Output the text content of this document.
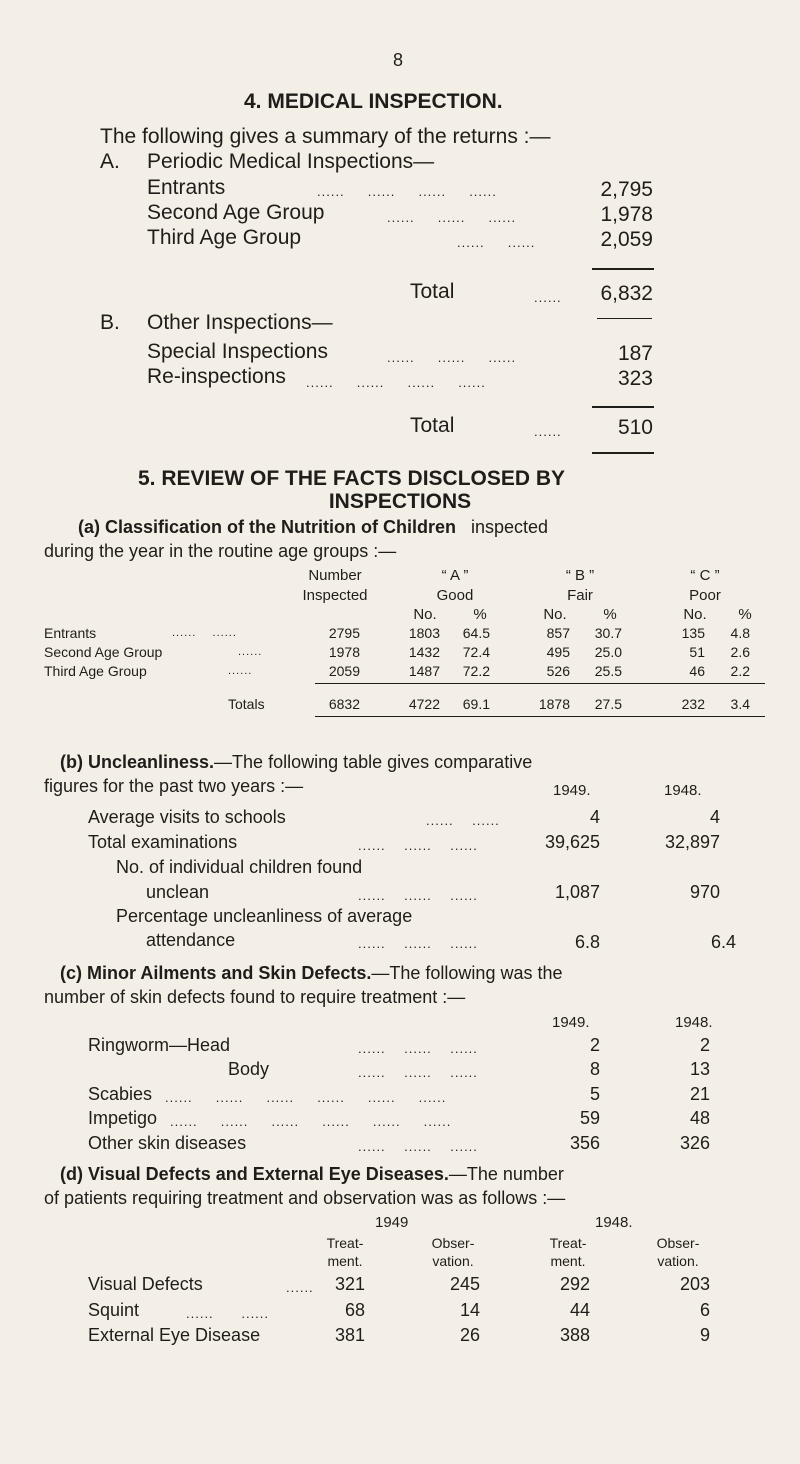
8
4. MEDICAL INSPECTION.
The following gives a summary of the returns :—
A. Periodic Medical Inspections—
Entrants	......     ......     ......     ......	2,795
Second Age Group	......     ......     ......	1,978
Third Age Group	......     ......	2,059
Total	......	6,832
B. Other Inspections—
Special Inspections	......     ......     ......	187
Re-inspections ......     ......     ......     ......	323
Total	......	510
5. REVIEW OF THE FACTS DISCLOSED BY
INSPECTIONS
(a) Classification of the Nutrition of Children inspected
during the year in the routine age groups :—
Number
Inspected
“ A ”
Good
“ B ”
Fair
“ C ”
Poor
No.	%	No.	%	No.	%
Entrants	......    ......	2795	1803	64.5	857	30.7	135	4.8
Second Age Group	......	1978	1432	72.4	495	25.0	51	2.6
Third Age Group	......	2059	1487	72.2	526	25.5	46	2.2
Totals	6832	4722	69.1	1878	27.5	232	3.4
(b) Uncleanliness.—The following table gives comparative
figures for the past two years :—	1949.	1948.
Average visits to schools	......    ......	4	4
Total examinations	......    ......    ......	39,625	32,897
No. of individual children found
unclean	......    ......    ......	1,087	970
Percentage uncleanliness of average
attendance	......    ......    ......	6.8	6.4
(c) Minor Ailments and Skin Defects.—The following was the
number of skin defects found to require treatment :—
1949.	1948.
Ringworm—Head	......    ......    ......	2	2
Body	......    ......    ......	8	13
Scabies ......     ......     ......     ......     ......     ......	5	21
Impetigo ......     ......     ......     ......     ......     ......	59	48
Other skin diseases	......    ......    ......	356	326
(d) Visual Defects and External Eye Diseases.—The number
of patients requiring treatment and observation was as follows :—
1949	1948.
Treat-
ment.
Obser-
vation.
Treat-
ment.
Obser-
vation.
Visual Defects	......	321	245	292	203
Squint	......      ......	68	14	44	6
External Eye Disease	381	26	388	9
